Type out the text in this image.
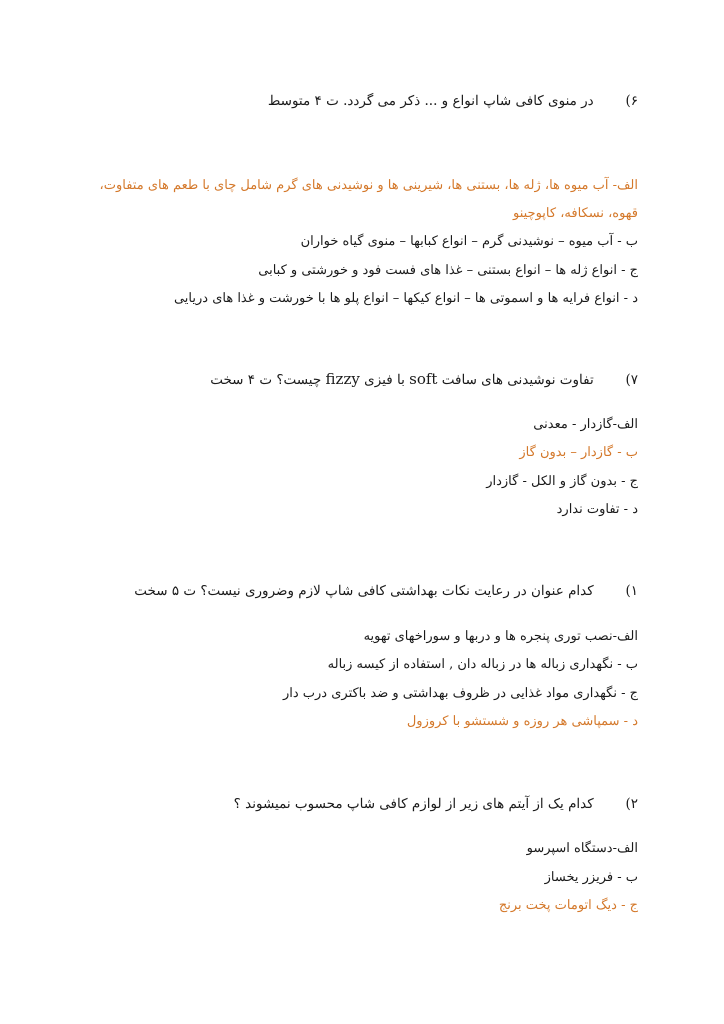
۶) در منوی کافی شاپ انواع و ... ذکر می گردد. ت ۴ متوسط
الف- آب میوه ها، ژله ها، بستنی ها، شیرینی ها و نوشیدنی های گرم شامل چای با طعم های متفاوت، قهوه، نسکافه، کاپوچینو
ب - آب میوه – نوشیدنی گرم – انواع کبابها – منوی گیاه خواران
ج - انواع ژله ها – انواع بستنی – غذا های فست فود و خورشتی و کبابی
د - انواع فرایه ها و اسموتی ها – انواع کیکها – انواع پلو ها با خورشت و غذا های دریایی
۷) تفاوت نوشیدنی های سافت soft با فیزی fizzy چیست؟ ت ۴ سخت
الف-گازدار - معدنی
ب - گازدار – بدون گاز
ج - بدون گاز و الکل - گازدار
د - تفاوت ندارد
۱) کدام عنوان در رعایت نکات بهداشتی کافی شاپ لازم وضروری نیست؟ ت ۵ سخت
الف-نصب توری پنجره ها و دربها و سوراخهای تهویه
ب - نگهداری زباله ها در زباله دان , استفاده از کیسه زباله
ج - نگهداری مواد غذایی در ظروف بهداشتی و ضد باکتری درب دار
د - سمپاشی هر روزه و شستشو با کروزول
۲) کدام یک از آیتم های زیر از لوازم کافی شاپ محسوب نمیشوند ؟
الف-دستگاه اسپرسو
ب - فریزر یخساز
ج - دیگ اتومات پخت برنج
